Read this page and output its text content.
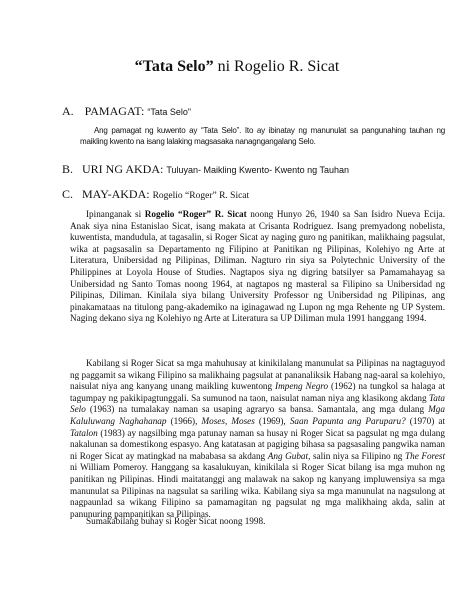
“Tata Selo” ni Rogelio R. Sicat
A. PAMAGAT: “Tata Selo”

Ang pamagat ng kuwento ay “Tata Selo”. Ito ay ibinatay ng manunulat sa pangunahing tauhan ng maikling kwento na isang lalaking magsasaka nanagngangalang Selo.

B. URI NG AKDA: Tuluyan- Maikling Kwento- Kwento ng Tauhan
C. MAY-AKDA: Rogelio “Roger” R. Sicat

Ipinanganak si Rogelio “Roger” R. Sicat noong Hunyo 26, 1940 sa San Isidro Nueva Ecija. Anak siya nina Estanislao Sicat, isang makata at Crisanta Rodriguez. Isang premyadong nobelista, kuwentista, mandudula, at tagasalin, si Roger Sicat ay naging guro ng panitikan, malikhaing pagsulat, wika at pagsasalin sa Departamento ng Filipino at Panitikan ng Pilipinas, Kolehiyo ng Arte at Literatura, Unibersidad ng Pilipinas, Diliman. Nagturo rin siya sa Polytechnic University of the Philippines at Loyola House of Studies. Nagtapos siya ng digring batsilyer sa Pamamahayag sa Unibersidad ng Santo Tomas noong 1964, at nagtapos ng masteral sa Filipino sa Unibersidad ng Pilipinas, Diliman. Kinilala siya bilang University Professor ng Unibersidad ng Pilipinas, ang pinakamataas na titulong pang-akademiko na iginagawad ng Lupon ng mga Rehente ng UP System. Naging dekano siya ng Kolehiyo ng Arte at Literatura sa UP Diliman mula 1991 hanggang 1994.

Kabilang si Roger Sicat sa mga mahuhusay at kinikilalang manunulat sa Pilipinas na nagtaguyod ng paggamit sa wikang Filipino sa malikhaing pagsulat at pananaliksik Habang nag-aaral sa kolehiyo, naisulat niya ang kanyang unang maikling kuwentong Impeng Negro (1962) na tungkol sa halaga at tagumpay ng pakikipagtunggali. Sa sumunod na taon, naisulat naman niya ang klasikong akdang Tata Selo (1963) na tumalakay naman sa usaping agraryo sa bansa. Samantala, ang mga dulang Mga Kaluluwang Naghahanap (1966), Moses, Moses (1969), Saan Papunta ang Paruparu? (1970) at Tatalon (1983) ay nagsilbing mga patunay naman sa husay ni Roger Sicat sa pagsulat ng mga dulang nakalunan sa domestikong espasyo. Ang katatasan at pagiging bihasa sa pagsasaling pangwika naman ni Roger Sicat ay matingkad na mababasa sa akdang Ang Gubat, salin niya sa Filipino ng The Forest ni William Pomeroy. Hanggang sa kasalukuyan, kinikilala si Roger Sicat bilang isa mga muhon ng panitikan ng Pilipinas. Hindi maitatanggi ang malawak na sakop ng kanyang impluwensiya sa mga manunulat sa Pilipinas na nagsulat sa sariling wika. Kabilang siya sa mga manunulat na nagsulong at nagpaunlad sa wikang Filipino sa pamamagitan ng pagsulat ng mga malikhaing akda, salin at panunuring pampanitikan sa Pilipinas.

Sumakabilang buhay si Roger Sicat noong 1998.
